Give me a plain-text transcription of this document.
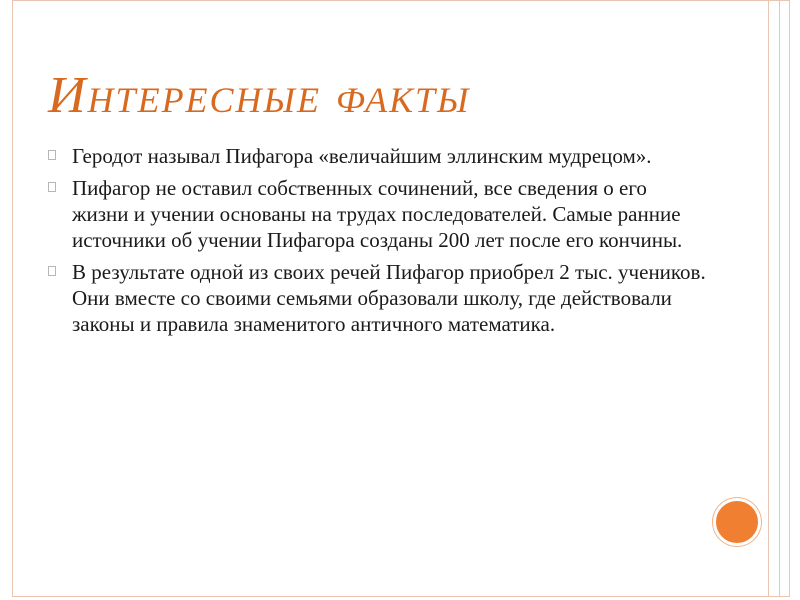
Интересные факты
Геродот называл Пифагора «величайшим эллинским мудрецом».
Пифагор не оставил собственных сочинений, все сведения о его жизни и учении основаны на трудах последователей. Самые ранние источники об учении Пифагора созданы 200 лет после его кончины.
В результате одной из своих речей Пифагор приобрел 2 тыс. учеников. Они вместе со своими семьями образовали школу, где действовали законы и правила знаменитого античного математика.
